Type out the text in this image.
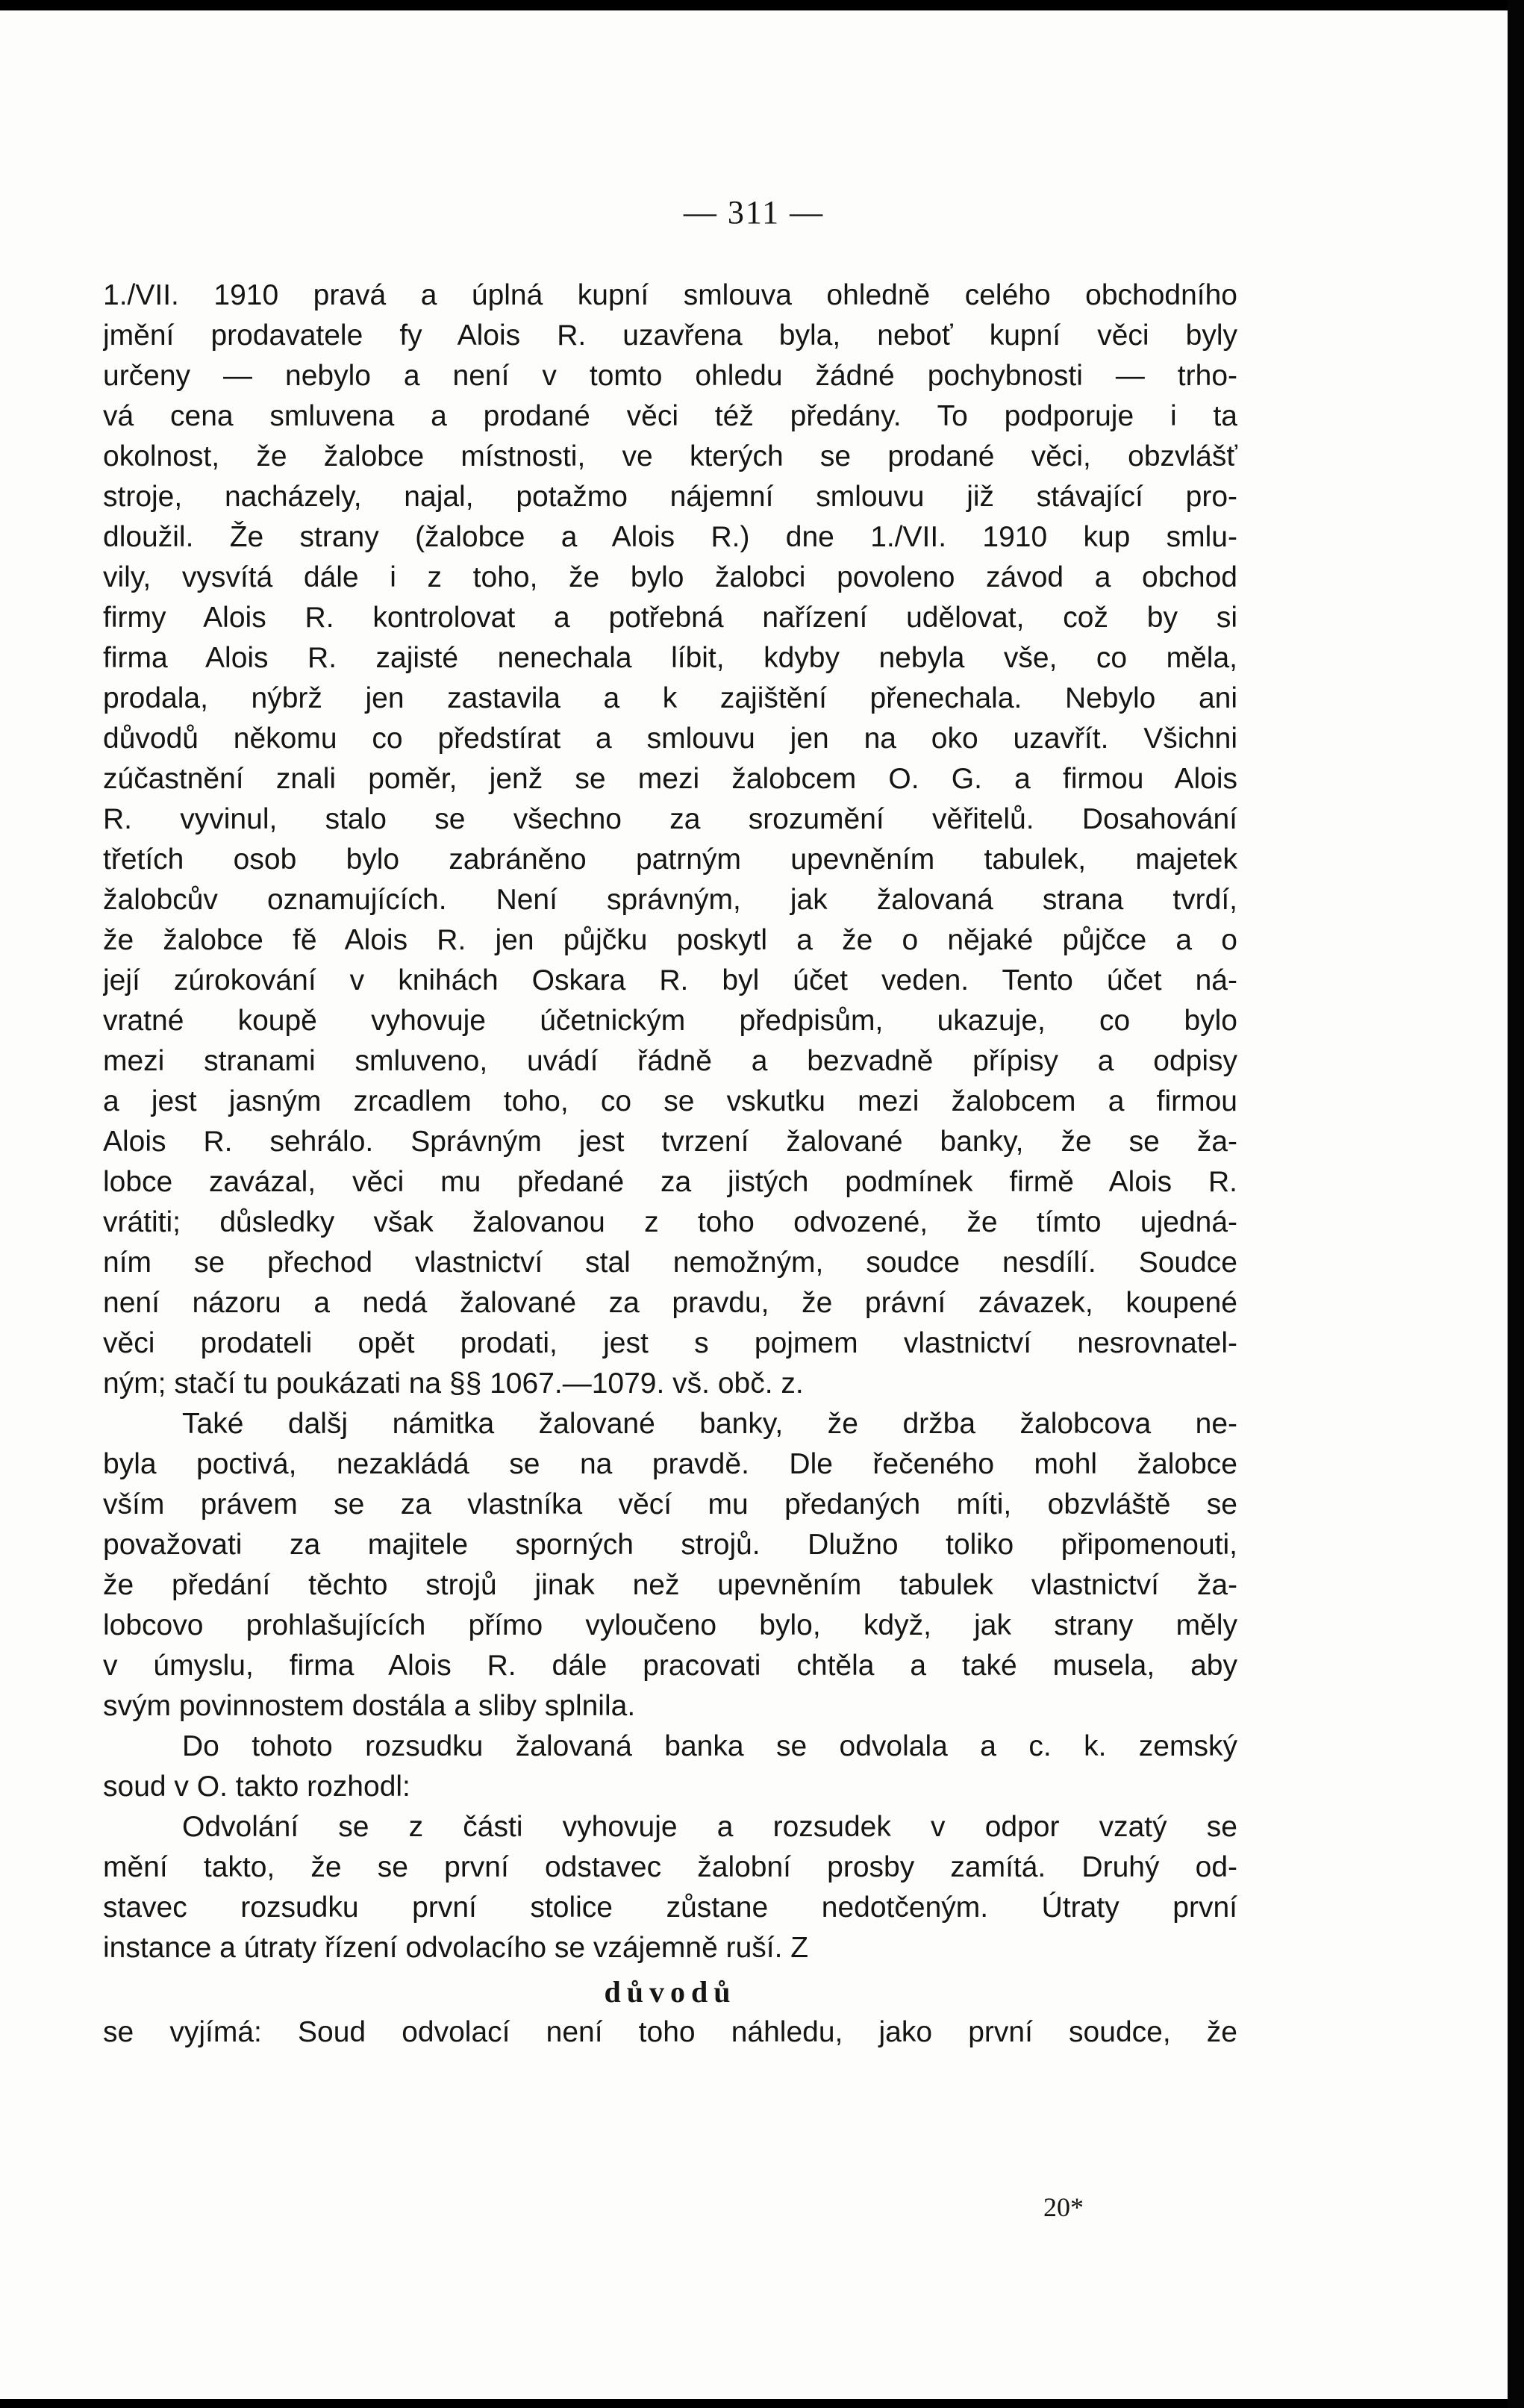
— 311 —
1./VII. 1910 pravá a úplná kupní smlouva ohledně celého obchodního
jmění prodavatele fy Alois R. uzavřena byla, neboť kupní věci byly
určeny — nebylo a není v tomto ohledu žádné pochybnosti — trho-
vá cena smluvena a prodané věci též předány. To podporuje i ta
okolnost, že žalobce místnosti, ve kterých se prodané věci, obzvlášť
stroje, nacházely, najal, potažmo nájemní smlouvu již stávající pro-
dloužil. Že strany (žalobce a Alois R.) dne 1./VII. 1910 kup smlu-
vily, vysvítá dále i z toho, že bylo žalobci povoleno závod a obchod
firmy Alois R. kontrolovat a potřebná nařízení udělovat, což by si
firma Alois R. zajisté nenechala líbit, kdyby nebyla vše, co měla,
prodala, nýbrž jen zastavila a k zajištění přenechala. Nebylo ani
důvodů někomu co předstírat a smlouvu jen na oko uzavřít. Všichni
zúčastnění znali poměr, jenž se mezi žalobcem O. G. a firmou Alois
R. vyvinul, stalo se všechno za srozumění věřitelů. Dosahování
třetích osob bylo zabráněno patrným upevněním tabulek, majetek
žalobcův oznamujících. Není správným, jak žalovaná strana tvrdí,
že žalobce fě Alois R. jen půjčku poskytl a že o nějaké půjčce a o
její zúrokování v knihách Oskara R. byl účet veden. Tento účet ná-
vratné koupě vyhovuje účetnickým předpisům, ukazuje, co bylo
mezi stranami smluveno, uvádí řádně a bezvadně přípisy a odpisy
a jest jasným zrcadlem toho, co se vskutku mezi žalobcem a firmou
Alois R. sehrálo. Správným jest tvrzení žalované banky, že se ža-
lobce zavázal, věci mu předané za jistých podmínek firmě Alois R.
vrátiti; důsledky však žalovanou z toho odvozené, že tímto ujedná-
ním se přechod vlastnictví stal nemožným, soudce nesdílí. Soudce
není názoru a nedá žalované za pravdu, že právní závazek, koupené
věci prodateli opět prodati, jest s pojmem vlastnictví nesrovnatel-
ným; stačí tu poukázati na §§ 1067.—1079. vš. obč. z.
Také dalšj námitka žalované banky, že držba žalobcova ne-
byla poctivá, nezakládá se na pravdě. Dle řečeného mohl žalobce
vším právem se za vlastníka věcí mu předaných míti, obzvláště se
považovati za majitele sporných strojů. Dlužno toliko připomenouti,
že předání těchto strojů jinak než upevněním tabulek vlastnictví ža-
lobcovo prohlašujících přímo vyloučeno bylo, když, jak strany měly
v úmyslu, firma Alois R. dále pracovati chtěla a také musela, aby
svým povinnostem dostála a sliby splnila.
Do tohoto rozsudku žalovaná banka se odvolala a c. k. zemský
soud v O. takto rozhodl:
Odvolání se z části vyhovuje a rozsudek v odpor vzatý se
mění takto, že se první odstavec žalobní prosby zamítá. Druhý od-
stavec rozsudku první stolice zůstane nedotčeným. Útraty první
instance a útraty řízení odvolacího se vzájemně ruší. Z
důvodů
se vyjímá: Soud odvolací není toho náhledu, jako první soudce, že
20*
